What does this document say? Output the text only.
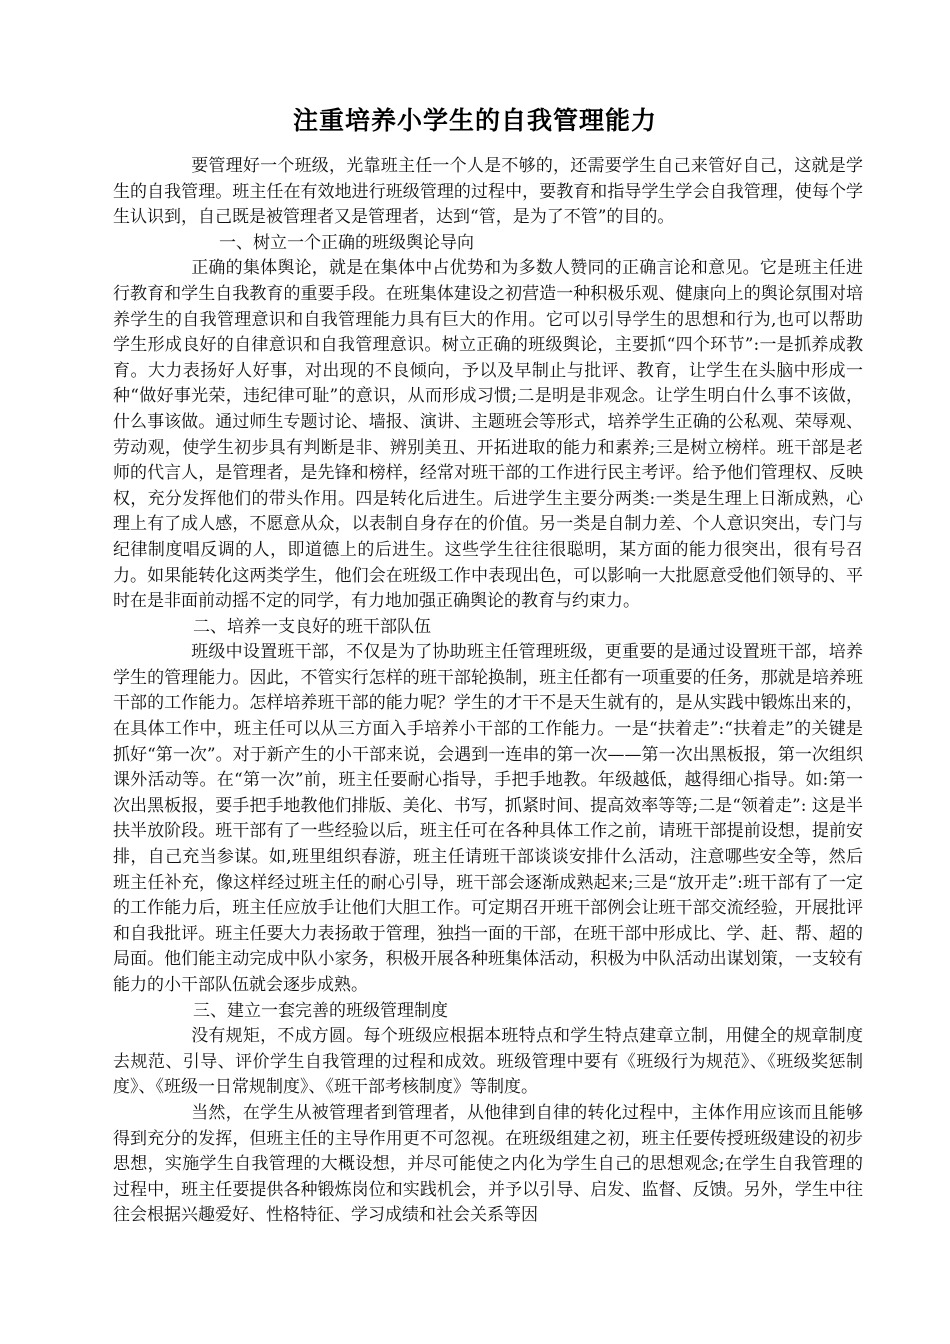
注重培养小学生的自我管理能力

要管理好一个班级，光靠班主任一个人是不够的，还需要学生自己来管好自己，这就是学生的自我管理。班主任在有效地进行班级管理的过程中，要教育和指导学生学会自我管理，使每个学生认识到，自己既是被管理者又是管理者，达到“管，是为了不管”的目的。

一、树立一个正确的班级舆论导向

正确的集体舆论，就是在集体中占优势和为多数人赞同的正确言论和意见。它是班主任进行教育和学生自我教育的重要手段。在班集体建设之初营造一种积极乐观、健康向上的舆论氛围对培养学生的自我管理意识和自我管理能力具有巨大的作用。它可以引导学生的思想和行为,也可以帮助学生形成良好的自律意识和自我管理意识。树立正确的班级舆论，主要抓“四个环节”:一是抓养成教育。大力表扬好人好事，对出现的不良倾向，予以及早制止与批评、教育，让学生在头脑中形成一种“做好事光荣，违纪律可耻”的意识，从而形成习惯;二是明是非观念。让学生明白什么事不该做，什么事该做。通过师生专题讨论、墙报、演讲、主题班会等形式，培养学生正确的公私观、荣辱观、劳动观，使学生初步具有判断是非、辨别美丑、开拓进取的能力和素养;三是树立榜样。班干部是老师的代言人，是管理者，是先锋和榜样，经常对班干部的工作进行民主考评。给予他们管理权、反映权，充分发挥他们的带头作用。四是转化后进生。后进学生主要分两类:一类是生理上日渐成熟，心理上有了成人感，不愿意从众，以表制自身存在的价值。另一类是自制力差、个人意识突出，专门与纪律制度唱反调的人，即道德上的后进生。这些学生往往很聪明，某方面的能力很突出，很有号召力。如果能转化这两类学生，他们会在班级工作中表现出色，可以影响一大批愿意受他们领导的、平时在是非面前动摇不定的同学，有力地加强正确舆论的教育与约束力。

二、培养一支良好的班干部队伍

班级中设置班干部，不仅是为了协助班主任管理班级，更重要的是通过设置班干部，培养学生的管理能力。因此，不管实行怎样的班干部轮换制，班主任都有一项重要的任务，那就是培养班干部的工作能力。怎样培养班干部的能力呢？学生的才干不是天生就有的，是从实践中锻炼出来的，在具体工作中，班主任可以从三方面入手培养小干部的工作能力。一是“扶着走”:“扶着走”的关键是抓好“第一次”。对于新产生的小干部来说，会遇到一连串的第一次——第一次出黑板报，第一次组织课外活动等。在“第一次”前，班主任要耐心指导，手把手地教。年级越低，越得细心指导。如:第一次出黑板报，要手把手地教他们排版、美化、书写，抓紧时间、提高效率等等;二是“领着走”: 这是半扶半放阶段。班干部有了一些经验以后，班主任可在各种具体工作之前，请班干部提前设想，提前安排，自己充当参谋。如,班里组织春游，班主任请班干部谈谈安排什么活动，注意哪些安全等，然后班主任补充，像这样经过班主任的耐心引导，班干部会逐渐成熟起来;三是“放开走”:班干部有了一定的工作能力后，班主任应放手让他们大胆工作。可定期召开班干部例会让班干部交流经验，开展批评和自我批评。班主任要大力表扬敢于管理，独挡一面的干部，在班干部中形成比、学、赶、帮、超的局面。他们能主动完成中队小家务，积极开展各种班集体活动，积极为中队活动出谋划策，一支较有能力的小干部队伍就会逐步成熟。

三、建立一套完善的班级管理制度

没有规矩，不成方圆。每个班级应根据本班特点和学生特点建章立制，用健全的规章制度去规范、引导、评价学生自我管理的过程和成效。班级管理中要有《班级行为规范》、《班级奖惩制度》、《班级一日常规制度》、《班干部考核制度》等制度。

当然，在学生从被管理者到管理者，从他律到自律的转化过程中，主体作用应该而且能够得到充分的发挥，但班主任的主导作用更不可忽视。在班级组建之初，班主任要传授班级建设的初步思想，实施学生自我管理的大概设想，并尽可能使之内化为学生自己的思想观念;在学生自我管理的过程中，班主任要提供各种锻炼岗位和实践机会，并予以引导、启发、监督、反馈。另外，学生中往往会根据兴趣爱好、性格特征、学习成绩和社会关系等因
